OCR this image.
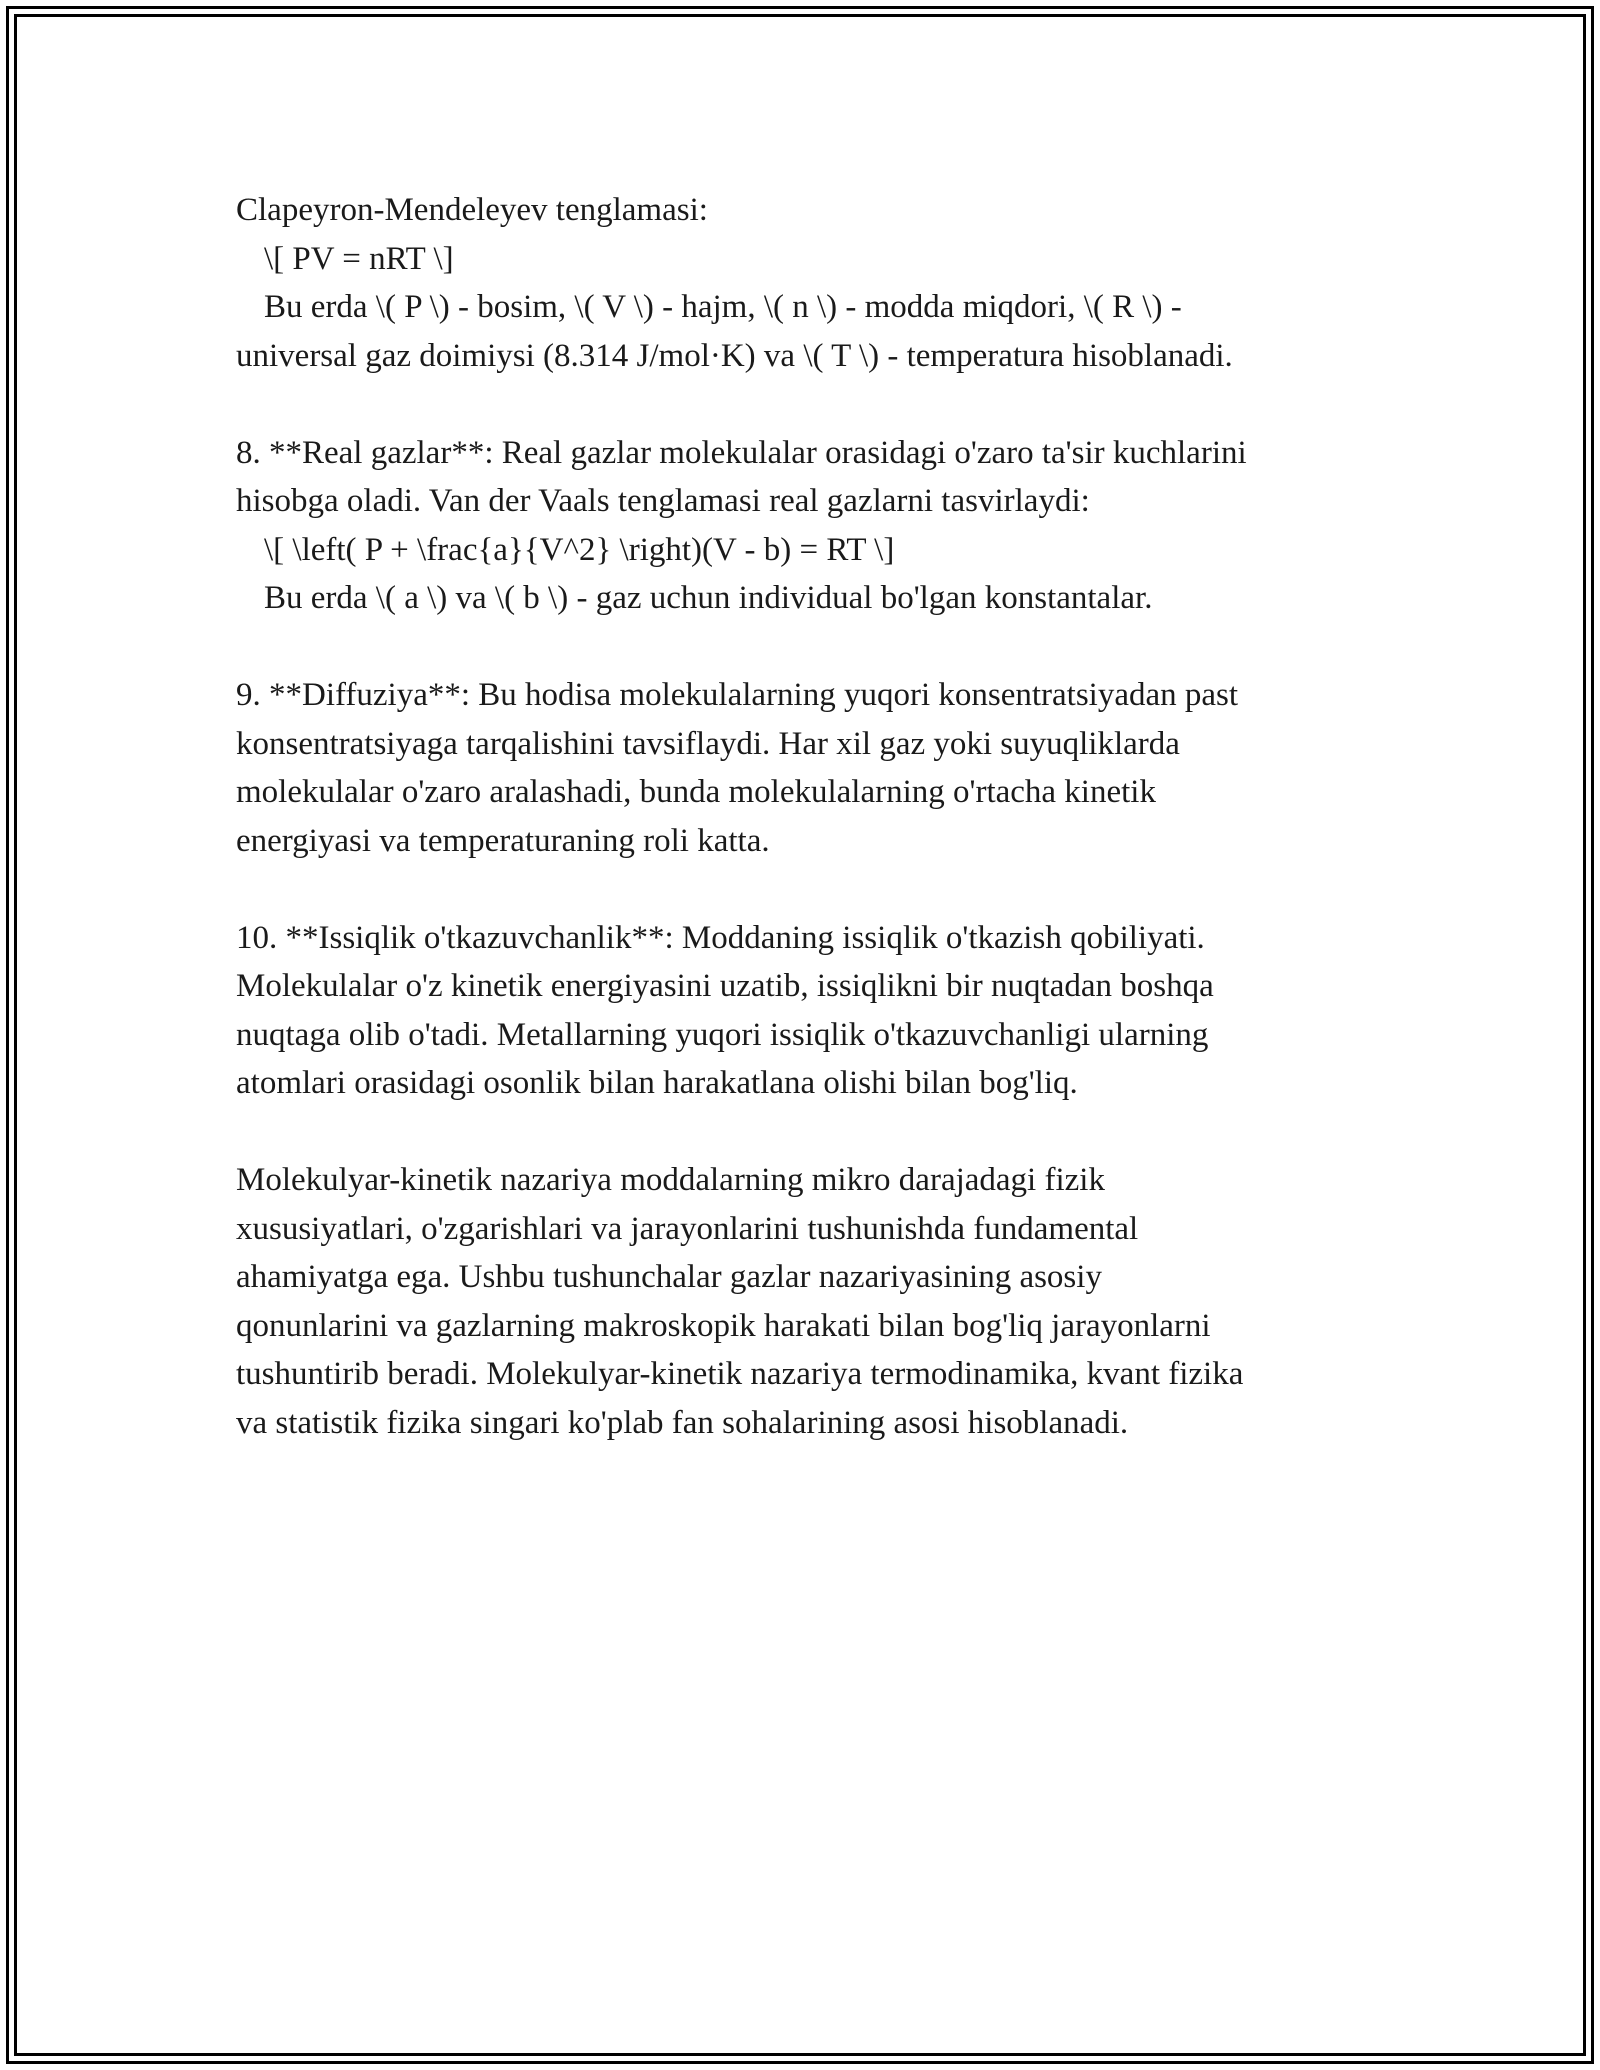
Clapeyron-Mendeleyev tenglamasi:

\[ PV = nRT \]

Bu erda \( P \) - bosim, \( V \) - hajm, \( n \) - modda miqdori, \( R \) -

universal gaz doimiysi (8.314 J/mol·K) va \( T \) - temperatura hisoblanadi.

8. **Real gazlar**: Real gazlar molekulalar orasidagi o'zaro ta'sir kuchlarini

hisobga oladi. Van der Vaals tenglamasi real gazlarni tasvirlaydi:

\[ \left( P + \frac{a}{V^2} \right)(V - b) = RT \]

Bu erda \( a \) va \( b \) - gaz uchun individual bo'lgan konstantalar.

9. **Diffuziya**: Bu hodisa molekulalarning yuqori konsentratsiyadan past

konsentratsiyaga tarqalishini tavsiflaydi. Har xil gaz yoki suyuqliklarda

molekulalar o'zaro aralashadi, bunda molekulalarning o'rtacha kinetik

energiyasi va temperaturaning roli katta.

10. **Issiqlik o'tkazuvchanlik**: Moddaning issiqlik o'tkazish qobiliyati.

Molekulalar o'z kinetik energiyasini uzatib, issiqlikni bir nuqtadan boshqa

nuqtaga olib o'tadi. Metallarning yuqori issiqlik o'tkazuvchanligi ularning

atomlari orasidagi osonlik bilan harakatlana olishi bilan bog'liq.

Molekulyar-kinetik nazariya moddalarning mikro darajadagi fizik

xususiyatlari, o'zgarishlari va jarayonlarini tushunishda fundamental

ahamiyatga ega. Ushbu tushunchalar gazlar nazariyasining asosiy

qonunlarini va gazlarning makroskopik harakati bilan bog'liq jarayonlarni

tushuntirib beradi. Molekulyar-kinetik nazariya termodinamika, kvant fizika

va statistik fizika singari ko'plab fan sohalarining asosi hisoblanadi.
